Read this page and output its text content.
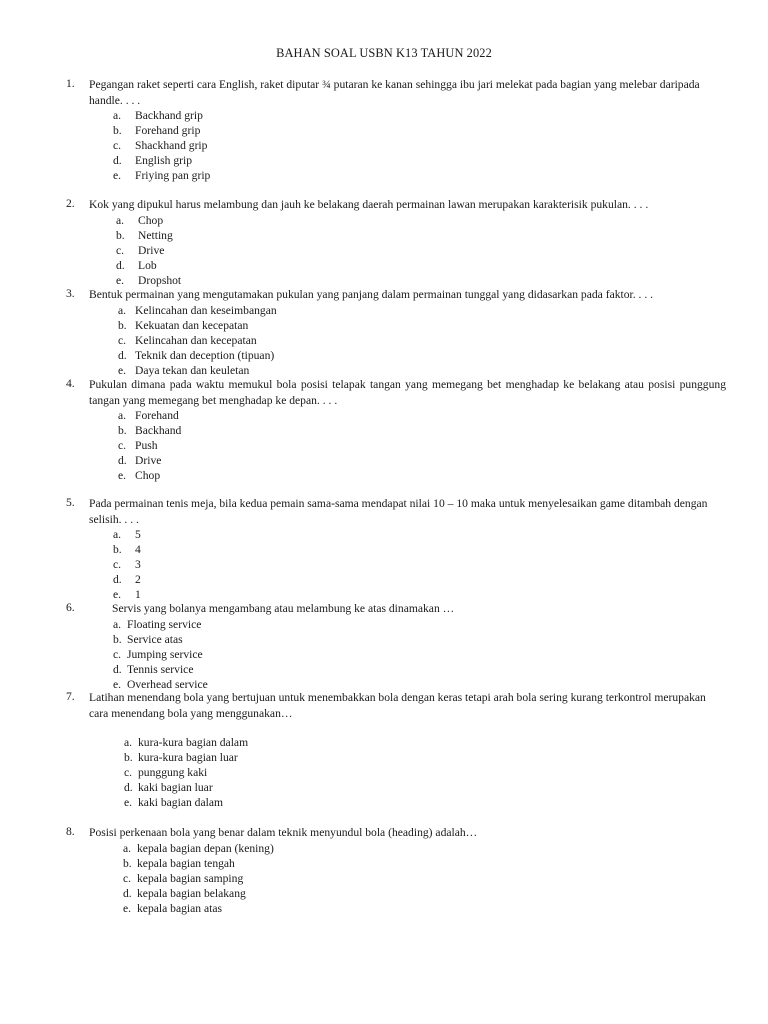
BAHAN SOAL USBN K13 TAHUN 2022
1. Pegangan raket seperti cara English, raket diputar ¾ putaran ke kanan sehingga ibu jari melekat pada bagian yang melebar daripada handle. . . .
a. Backhand grip
b. Forehand grip
c. Shackhand grip
d. English grip
e. Friying pan grip
2. Kok yang dipukul harus melambung dan jauh ke belakang daerah permainan lawan merupakan karakterisik pukulan. . . .
a. Chop
b. Netting
c. Drive
d. Lob
e. Dropshot
3. Bentuk permainan yang mengutamakan pukulan yang panjang dalam permainan tunggal yang didasarkan pada faktor. . . .
a. Kelincahan dan keseimbangan
b. Kekuatan dan kecepatan
c. Kelincahan dan kecepatan
d. Teknik dan deception (tipuan)
e. Daya tekan dan keuletan
4. Pukulan dimana pada waktu memukul bola posisi telapak tangan yang memegang bet menghadap ke belakang atau posisi punggung tangan yang memegang bet menghadap ke depan. . . .
a. Forehand
b. Backhand
c. Push
d. Drive
e. Chop
5. Pada permainan tenis meja, bila kedua pemain sama-sama mendapat nilai 10 – 10 maka untuk menyelesaikan game ditambah dengan selisih. . . .
a. 5
b. 4
c. 3
d. 2
e. 1
6.	Servis yang bolanya mengambang atau melambung ke atas dinamakan …
a. Floating service
b. Service atas
c. Jumping service
d. Tennis service
e. Overhead service
7. Latihan menendang bola yang bertujuan untuk menembakkan bola dengan keras tetapi arah bola sering kurang terkontrol merupakan cara menendang bola yang menggunakan…
a. kura-kura bagian dalam
b. kura-kura bagian luar
c. punggung kaki
d. kaki bagian luar
e. kaki bagian dalam
8. Posisi perkenaan bola yang benar dalam teknik menyundul bola (heading) adalah…
a. kepala bagian depan (kening)
b. kepala bagian tengah
c. kepala bagian samping
d. kepala bagian belakang
e. kepala bagian atas
